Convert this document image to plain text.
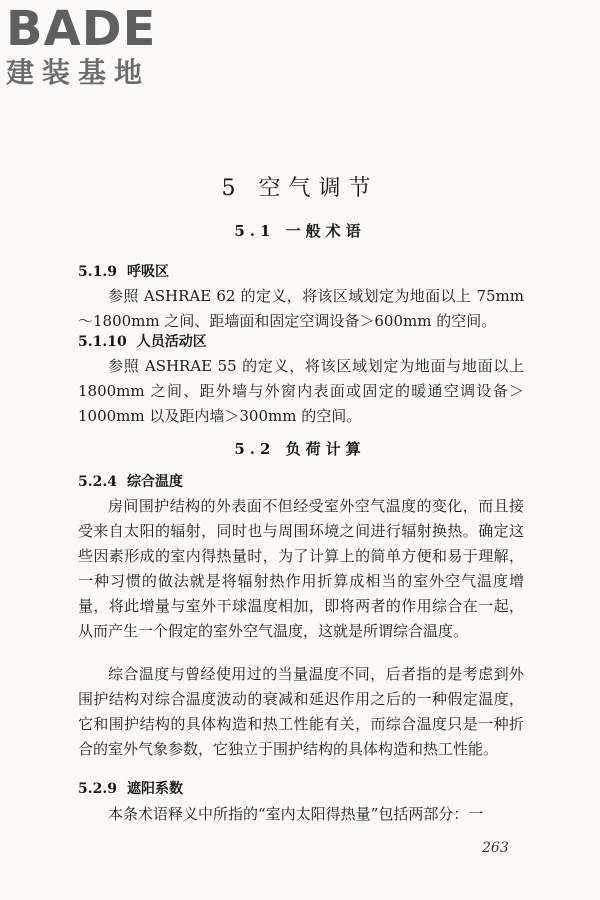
BADE
建装基地
5 空气调节
5.1 一般术语
5.1.9 呼吸区
参照 ASHRAE 62 的定义，将该区域划定为地面以上 75mm ～1800mm 之间、距墙面和固定空调设备＞600mm 的空间。
5.1.10 人员活动区
参照 ASHRAE 55 的定义，将该区域划定为地面与地面以上 1800mm 之间、距外墙与外窗内表面或固定的暖通空调设备＞1000mm 以及距内墙＞300mm 的空间。
5.2 负荷计算
5.2.4 综合温度
房间围护结构的外表面不但经受室外空气温度的变化，而且接受来自太阳的辐射，同时也与周围环境之间进行辐射换热。确定这些因素形成的室内得热量时，为了计算上的简单方便和易于理解，一种习惯的做法就是将辐射热作用折算成相当的室外空气温度增量，将此增量与室外干球温度相加，即将两者的作用综合在一起，从而产生一个假定的室外空气温度，这就是所谓综合温度。
综合温度与曾经使用过的当量温度不同，后者指的是考虑到外围护结构对综合温度波动的衰减和延迟作用之后的一种假定温度，它和围护结构的具体构造和热工性能有关，而综合温度只是一种折合的室外气象参数，它独立于围护结构的具体构造和热工性能。
5.2.9 遮阳系数
本条术语释义中所指的“室内太阳得热量”包括两部分：一
263
